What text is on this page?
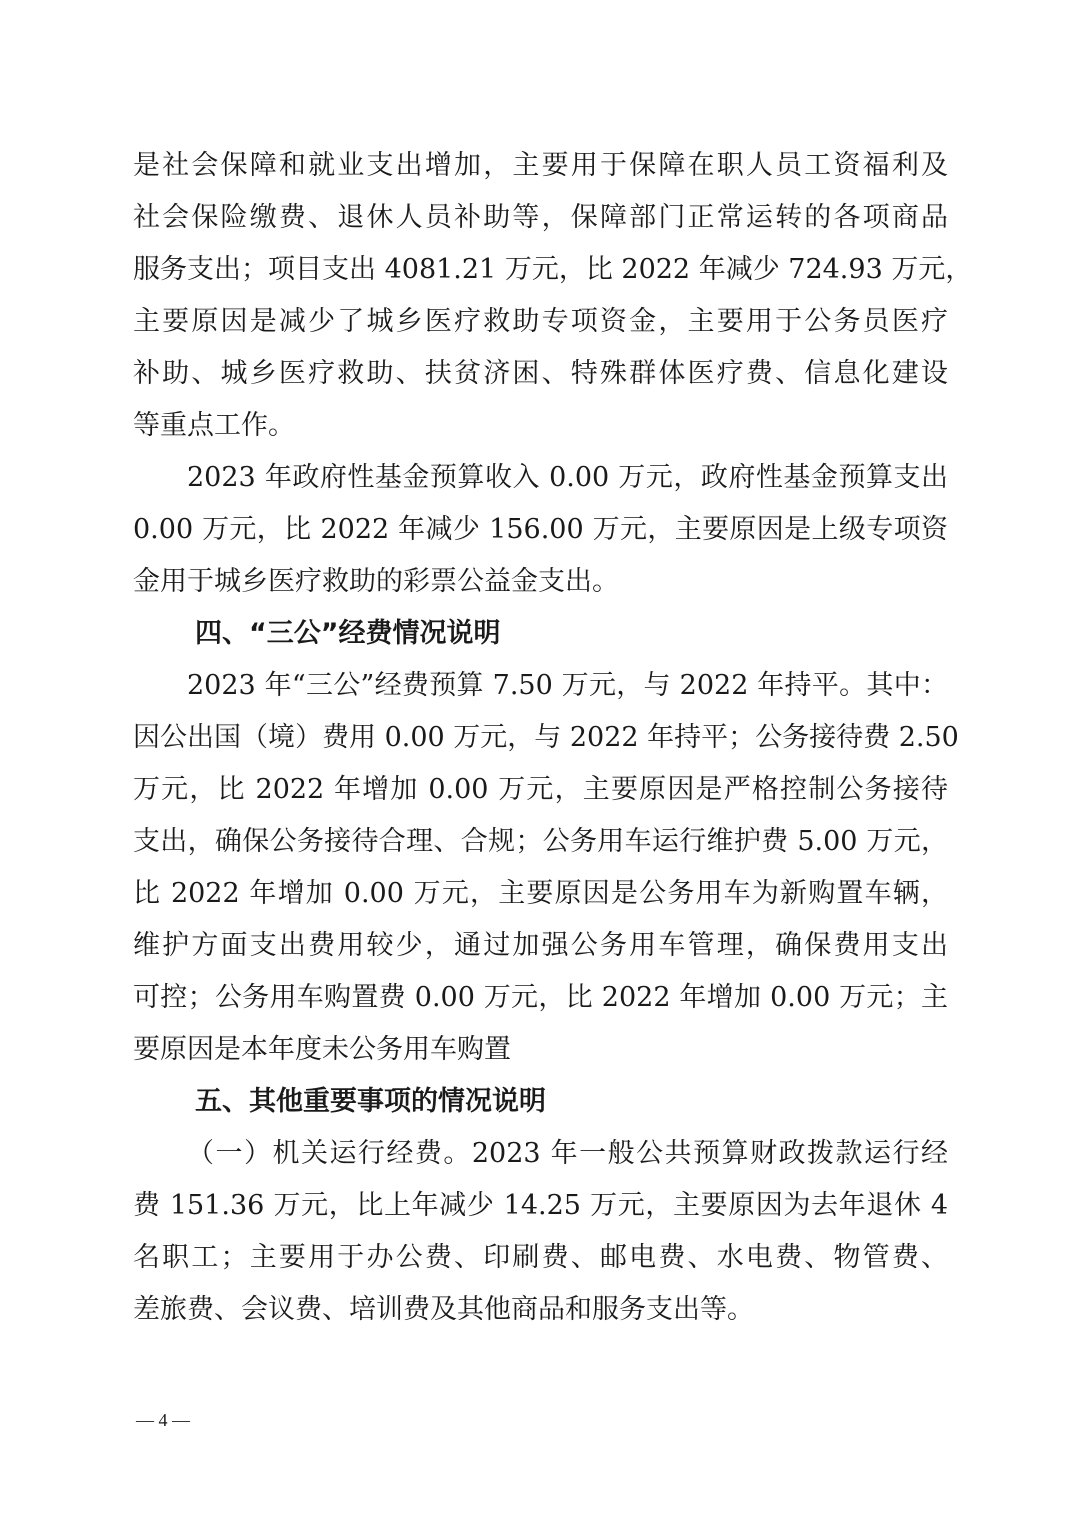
是社会保障和就业支出增加，主要用于保障在职人员工资福利及
社会保险缴费、退休人员补助等，保障部门正常运转的各项商品
服务支出；项目支出 4081.21 万元，比 2022 年减少 724.93 万元，
主要原因是减少了城乡医疗救助专项资金，主要用于公务员医疗
补助、城乡医疗救助、扶贫济困、特殊群体医疗费、信息化建设
等重点工作。
2023 年政府性基金预算收入 0.00 万元，政府性基金预算支出
0.00 万元，比 2022 年减少 156.00 万元，主要原因是上级专项资
金用于城乡医疗救助的彩票公益金支出。
四、“三公”经费情况说明
2023 年“三公”经费预算 7.50 万元，与 2022 年持平。其中：
因公出国（境）费用 0.00 万元，与 2022 年持平；公务接待费 2.50
万元，比 2022 年增加 0.00 万元，主要原因是严格控制公务接待
支出，确保公务接待合理、合规；公务用车运行维护费 5.00 万元，
比 2022 年增加 0.00 万元，主要原因是公务用车为新购置车辆，
维护方面支出费用较少，通过加强公务用车管理，确保费用支出
可控；公务用车购置费 0.00 万元，比 2022 年增加 0.00 万元；主
要原因是本年度未公务用车购置
五、其他重要事项的情况说明
（一）机关运行经费。2023 年一般公共预算财政拨款运行经
费 151.36 万元，比上年减少 14.25 万元，主要原因为去年退休 4
名职工；主要用于办公费、印刷费、邮电费、水电费、物管费、
差旅费、会议费、培训费及其他商品和服务支出等。
— 4 —
